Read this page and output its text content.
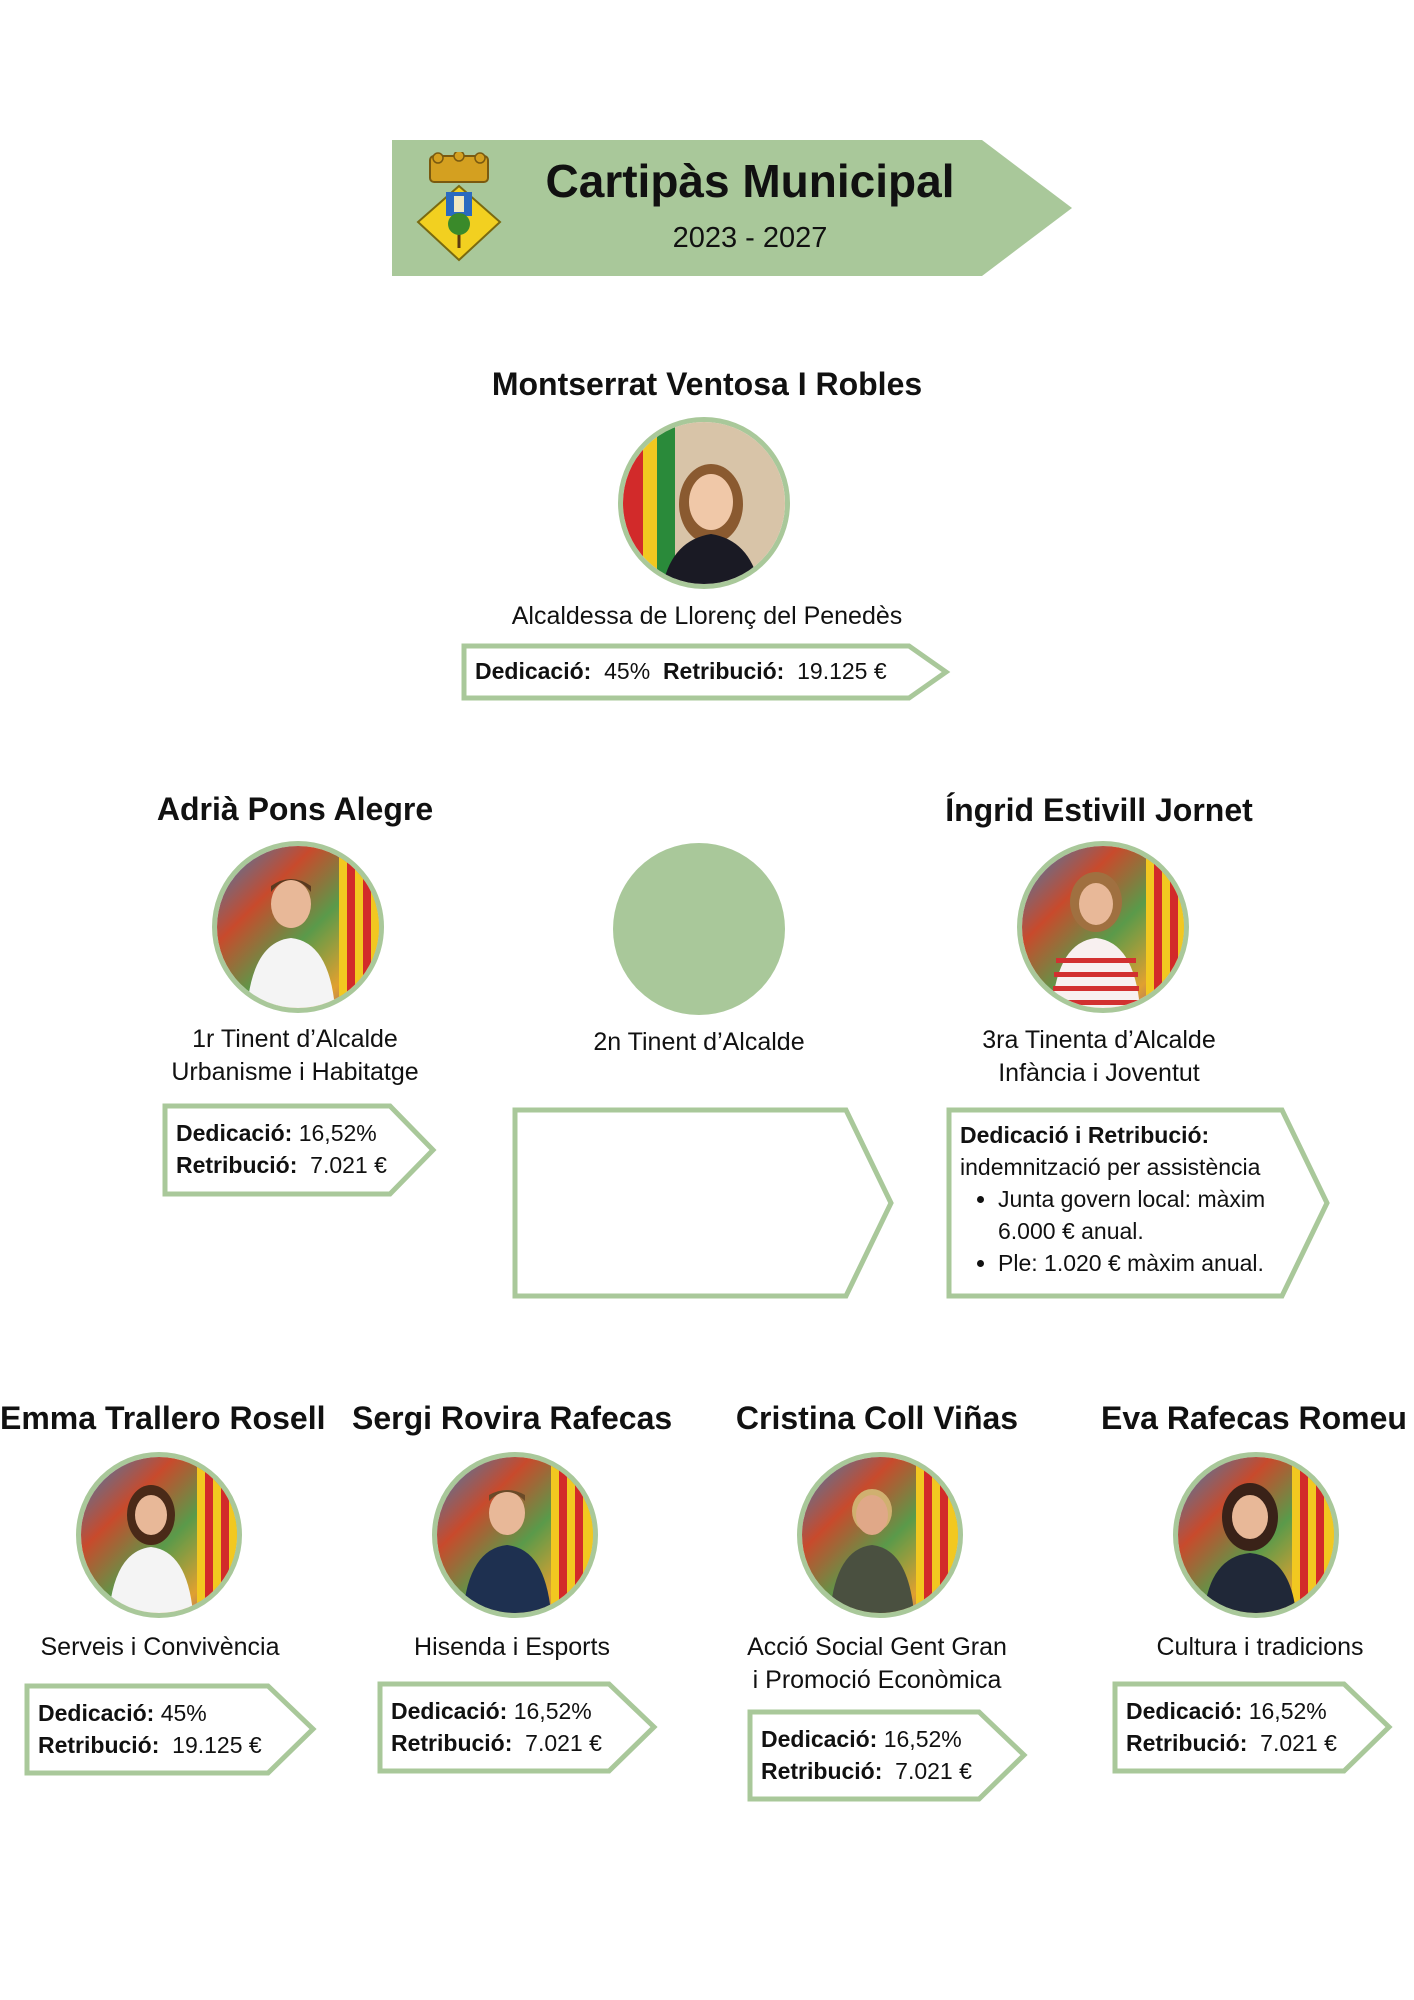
Cartipàs Municipal
2023 - 2027
Montserrat Ventosa I Robles
Alcaldessa de Llorenç del Penedès
Dedicació: 45% Retribució: 19.125 €
Adrià Pons Alegre
1r Tinent d’Alcalde
Urbanisme i Habitatge
Dedicació: 16,52%
Retribució: 7.021 €
2n Tinent d’Alcalde
Íngrid Estivill Jornet
3ra Tinenta d’Alcalde
Infància i Joventut
Dedicació i Retribució:
indemnització per assistència
• Junta govern local: màxim
6.000 € anual.
• Ple: 1.020 € màxim anual.
Emma Trallero Rosell
Serveis i Convivència
Dedicació: 45%
Retribució: 19.125 €
Sergi Rovira Rafecas
Hisenda i Esports
Dedicació: 16,52%
Retribució: 7.021 €
Cristina Coll Viñas
Acció Social Gent Gran
i Promoció Econòmica
Dedicació: 16,52%
Retribució: 7.021 €
Eva Rafecas Romeu
Cultura i tradicions
Dedicació: 16,52%
Retribució: 7.021 €
